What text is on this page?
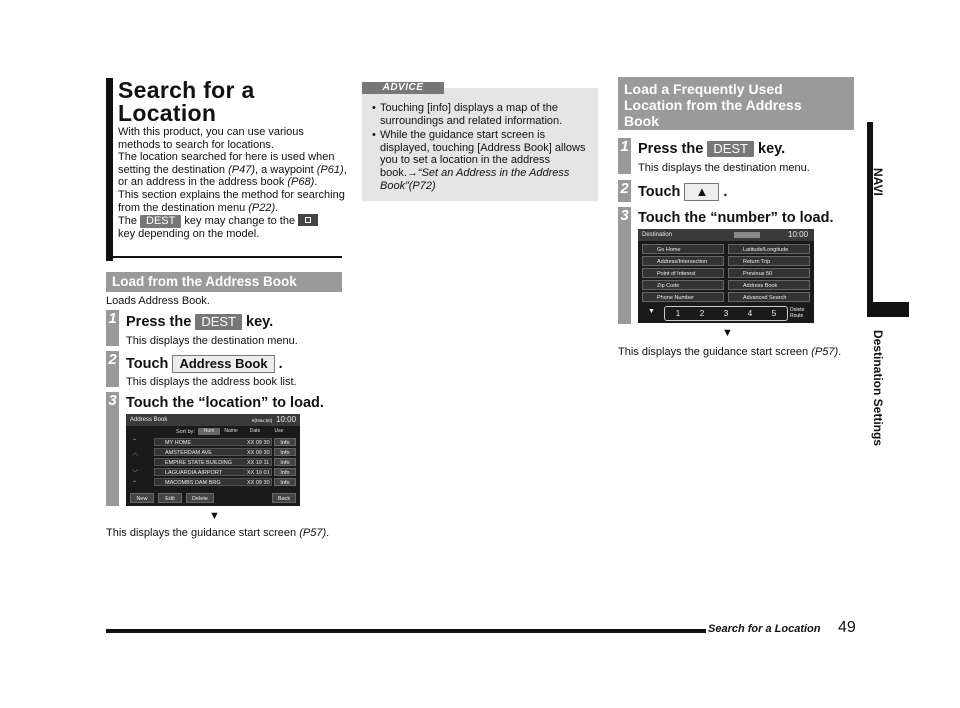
Search for a Location
With this product, you can use various methods to search for locations.
The location searched for here is used when setting the destination (P47), a waypoint (P61), or an address in the address book (P68).
This section explains the method for searching from the destination menu (P22).
The DEST key may change to the

key depending on the model.
Load from the Address Book
Loads Address Book.
1 Press the DEST key.
This displays the destination menu.
2 Touch Address Book .
This displays the address book list.
3 Touch the “location” to load.
Address Book	8(Max:50) 10:00
Sort by:	Num	Name	Date	Use
⌃
︿
﹀
⌄
MY HOME	XX 09 30	Info
AMSTERDAM AVE	XX 09 30	Info
EMPIRE STATE BUILDING	XX 10 11	Info
LAGUARDIA AIRPORT	XX 10 01	Info
MACOMBS DAM BRG	XX 09 30	Info
New	Edit	Delete	Back
▼
This displays the guidance start screen (P57).
• Touching [info] displays a map of the surroundings and related information.
• While the guidance start screen is displayed, touching [Address Book] allows you to set a location in the address book.→“Set an Address in the Address Book”(P72)
ADVICE	Load a Frequently Used Location from the Address Book
1 Press the DEST key.
This displays the destination menu.
2 Touch ▲ .
3 Touch the “number” to load.
Destination	10:00
Go Home
Address/Intersection
Point of Interest
Zip Code
Phone Number
Latitude/Longitude
Return Trip
Previous 50
Address Book
Advanced Search
▼	1	2	3	4	5	Delete Route
▼
This displays the guidance start screen (P57).
NAVI
Destination Settings
Search for a Location 49
